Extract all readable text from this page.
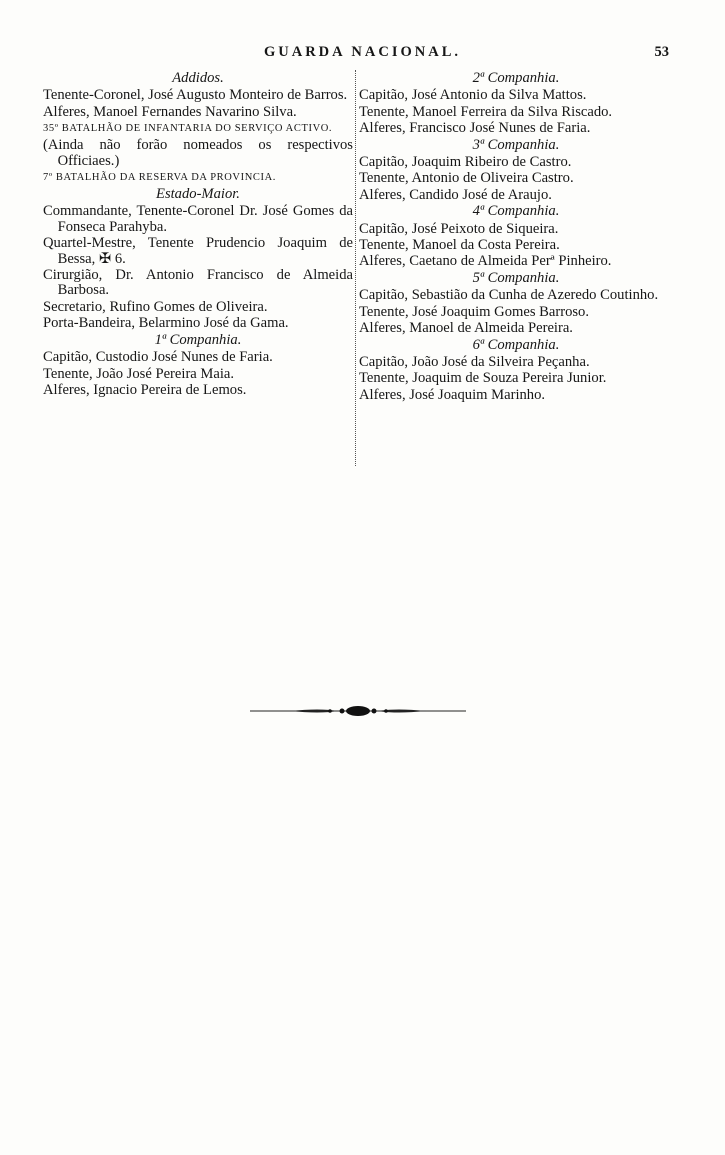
GUARDA NACIONAL.	53
Addidos.
Tenente-Coronel, José Augusto Monteiro de Barros.
Alferes, Manoel Fernandes Navarino Silva.
35º BATALHÃO DE INFANTARIA DO SERVIÇO ACTIVO.
(Ainda não forão nomeados os respectivos Officiaes.)
7º BATALHÃO DA RESERVA DA PROVINCIA.
Estado-Maior.
Commandante, Tenente-Coronel Dr. José Gomes da Fonseca Parahyba.
Quartel-Mestre, Tenente Prudencio Joaquim de Bessa, ✠ 6.
Cirurgião, Dr. Antonio Francisco de Almeida Barbosa.
Secretario, Rufino Gomes de Oliveira.
Porta-Bandeira, Belarmino José da Gama.
1ª Companhia.
Capitão, Custodio José Nunes de Faria.
Tenente, João José Pereira Maia.
Alferes, Ignacio Pereira de Lemos.
2ª Companhia.
Capitão, José Antonio da Silva Mattos.
Tenente, Manoel Ferreira da Silva Riscado.
Alferes, Francisco José Nunes de Faria.
3ª Companhia.
Capitão, Joaquim Ribeiro de Castro.
Tenente, Antonio de Oliveira Castro.
Alferes, Candido José de Araujo.
4ª Companhia.
Capitão, José Peixoto de Siqueira.
Tenente, Manoel da Costa Pereira.
Alferes, Caetano de Almeida Perª Pinheiro.
5ª Companhia.
Capitão, Sebastião da Cunha de Azeredo Coutinho.
Tenente, José Joaquim Gomes Barroso.
Alferes, Manoel de Almeida Pereira.
6ª Companhia.
Capitão, João José da Silveira Peçanha.
Tenente, Joaquim de Souza Pereira Junior.
Alferes, José Joaquim Marinho.
